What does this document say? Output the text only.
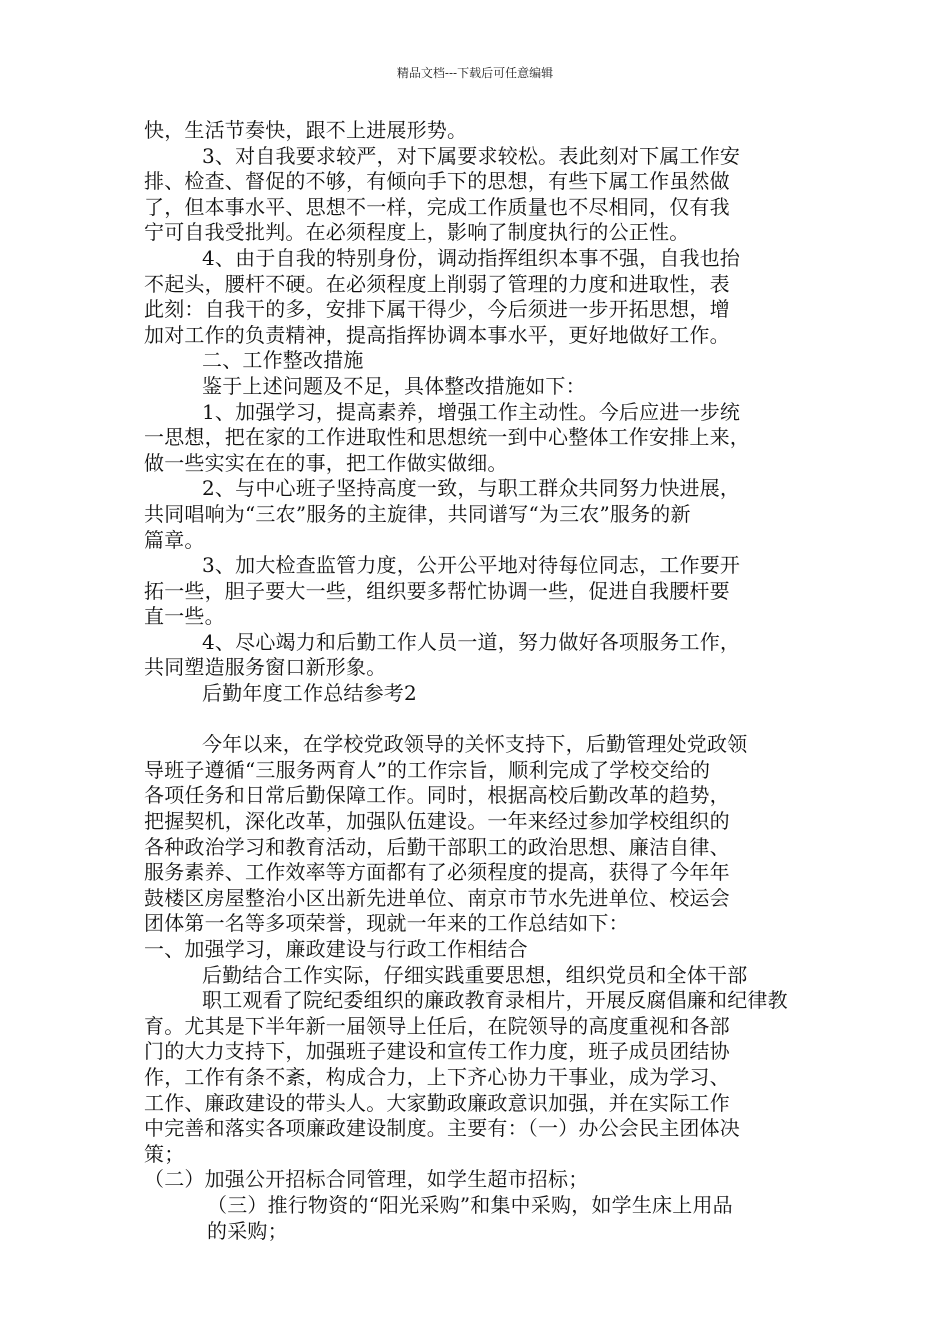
精品文档---下载后可任意编辑
快，生活节奏快，跟不上进展形势。
3、对自我要求较严，对下属要求较松。表此刻对下属工作安
排、检查、督促的不够，有倾向手下的思想，有些下属工作虽然做
了，但本事水平、思想不一样，完成工作质量也不尽相同，仅有我
宁可自我受批判。在必须程度上，影响了制度执行的公正性。
4、由于自我的特别身份，调动指挥组织本事不强，自我也抬
不起头，腰杆不硬。在必须程度上削弱了管理的力度和进取性，表
此刻：自我干的多，安排下属干得少，今后须进一步开拓思想，增
加对工作的负责精神，提高指挥协调本事水平，更好地做好工作。
二、工作整改措施
鉴于上述问题及不足，具体整改措施如下：
1、加强学习，提高素养，增强工作主动性。今后应进一步统
一思想，把在家的工作进取性和思想统一到中心整体工作安排上来，
做一些实实在在的事，把工作做实做细。
2、与中心班子坚持高度一致，与职工群众共同努力快进展，
共同唱响为“三农”服务的主旋律，共同谱写“为三农”服务的新
篇章。
3、加大检查监管力度，公开公平地对待每位同志，工作要开
拓一些，胆子要大一些，组织要多帮忙协调一些，促进自我腰杆要
直一些。
4、尽心竭力和后勤工作人员一道，努力做好各项服务工作，
共同塑造服务窗口新形象。
后勤年度工作总结参考2
今年以来，在学校党政领导的关怀支持下，后勤管理处党政领
导班子遵循“三服务两育人”的工作宗旨，顺利完成了学校交给的
各项任务和日常后勤保障工作。同时，根据高校后勤改革的趋势，
把握契机，深化改革，加强队伍建设。一年来经过参加学校组织的
各种政治学习和教育活动，后勤干部职工的政治思想、廉洁自律、
服务素养、工作效率等方面都有了必须程度的提高，获得了今年年
鼓楼区房屋整治小区出新先进单位、南京市节水先进单位、校运会
团体第一名等多项荣誉，现就一年来的工作总结如下：
一、加强学习，廉政建设与行政工作相结合
后勤结合工作实际，仔细实践重要思想，组织党员和全体干部
职工观看了院纪委组织的廉政教育录相片，开展反腐倡廉和纪律教
育。尤其是下半年新一届领导上任后，在院领导的高度重视和各部
门的大力支持下，加强班子建设和宣传工作力度，班子成员团结协
作，工作有条不紊，构成合力，上下齐心协力干事业，成为学习、
工作、廉政建设的带头人。大家勤政廉政意识加强，并在实际工作
中完善和落实各项廉政建设制度。主要有：（一）办公会民主团体决
策；
（二）加强公开招标合同管理，如学生超市招标；
（三）推行物资的“阳光采购”和集中采购，如学生床上用品
的采购；
